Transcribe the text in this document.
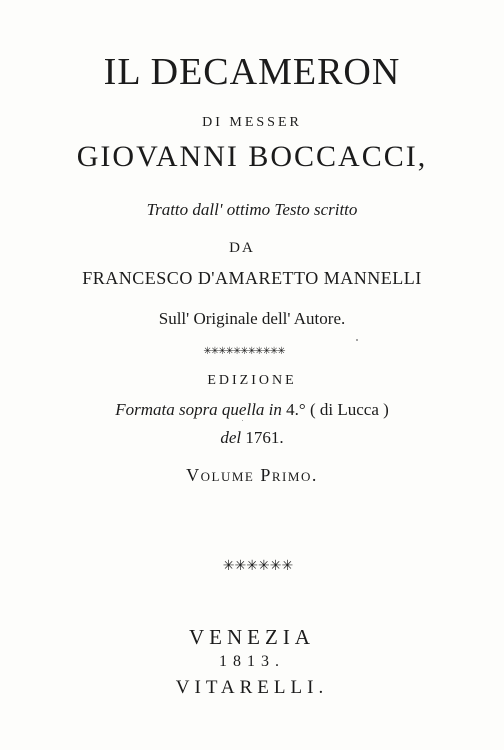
IL DECAMERON
DI MESSER
GIOVANNI BOCCACCI,
Tratto dall' ottimo Testo scritto
DA
FRANCESCO D'AMARETTO MANNELLI
Sull' Originale dell' Autore.
✳✳✳✳✳✳✳✳✳✳✳
EDIZIONE
Formata sopra quella in 4.° ( di Lucca )
del 1761.
Volume Primo.
✳✳✳✳✳✳
VENEZIA
1813.
VITARELLI.
